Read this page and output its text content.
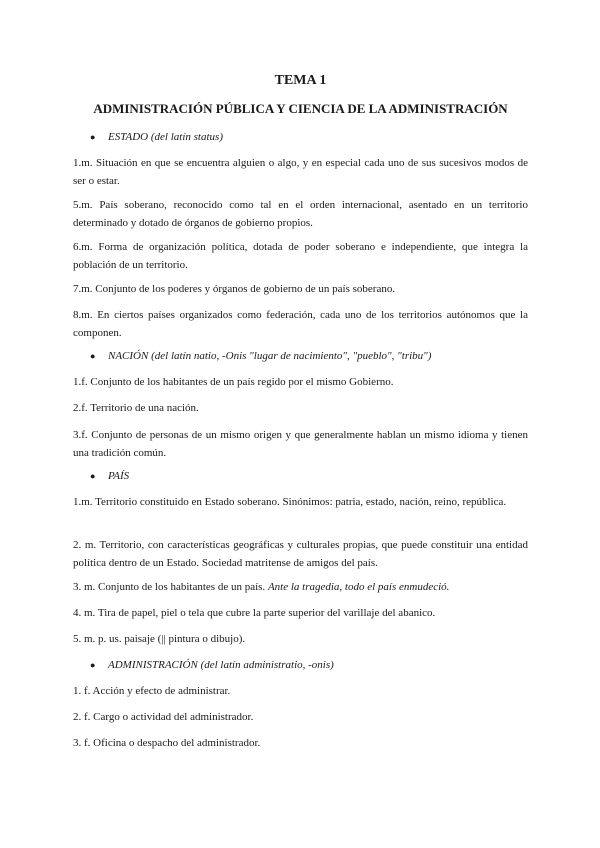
TEMA 1
ADMINISTRACIÓN PÚBLICA Y CIENCIA DE LA ADMINISTRACIÓN
● ESTADO (del latín status)
1.m. Situación en que se encuentra alguien o algo, y en especial cada uno de sus sucesivos modos de ser o estar.
5.m. País soberano, reconocido como tal en el orden internacional, asentado en un territorio determinado y dotado de órganos de gobierno propios.
6.m. Forma de organización política, dotada de poder soberano e independiente, que integra la población de un territorio.
7.m. Conjunto de los poderes y órganos de gobierno de un país soberano.
8.m. En ciertos países organizados como federación, cada uno de los territorios autónomos que la componen.
● NACIÓN (del latín natio, -Onis "lugar de nacimiento", "pueblo", "tribu")
1.f. Conjunto de los habitantes de un país regido por el mismo Gobierno.
2.f. Territorio de una nación.
3.f. Conjunto de personas de un mismo origen y que generalmente hablan un mismo idioma y tienen una tradición común.
● PAÍS
1.m. Territorio constituido en Estado soberano. Sinónimos: patria, estado, nación, reino, república.
2. m. Territorio, con características geográficas y culturales propias, que puede constituir una entidad política dentro de un Estado. Sociedad matritense de amigos del país.
3. m. Conjunto de los habitantes de un país. Ante la tragedia, todo el país enmudeció.
4. m. Tira de papel, piel o tela que cubre la parte superior del varillaje del abanico.
5. m. p. us. paisaje (|| pintura o dibujo).
● ADMINISTRACIÓN (del latín administratio, -onis)
1. f. Acción y efecto de administrar.
2. f. Cargo o actividad del administrador.
3. f. Oficina o despacho del administrador.
